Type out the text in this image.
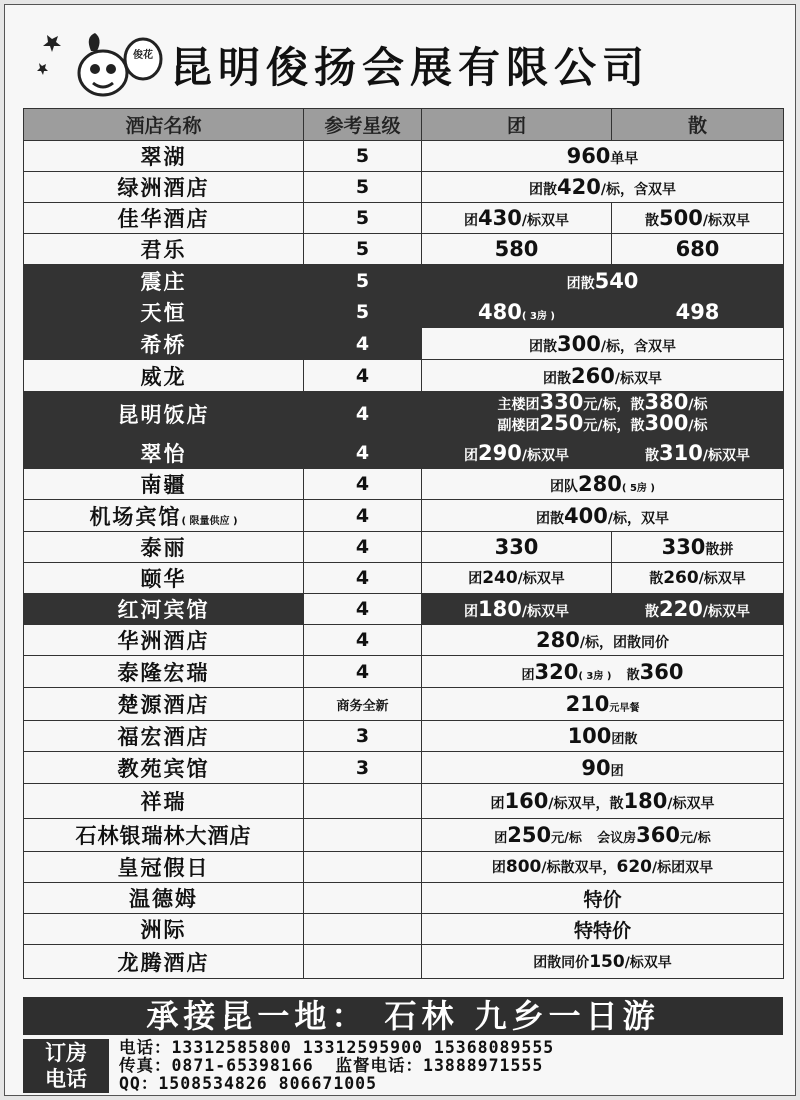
俊花 昆明俊扬会展有限公司
酒店名称	参考星级	团	散
翠湖	5	960单早	
绿洲酒店	5	团散420/标，含双早	
佳华酒店	5	团430/标双早	散500/标双早
君乐	5	580	680
震庄	5	团散540	
天恒	5	480( 3房 )	498
希桥	4	团散300/标，含双早	
威龙	4	团散260/标双早	
昆明饭店	4	主楼团330元/标，散380/标
副楼团250元/标，散300/标	

翠怡	4	团290/标双早	散310/标双早
南疆	4	团队280( 5房 )	
机场宾馆( 限量供应 )	4	团散400/标，双早	
泰丽	4	330	330散拼
颐华	4	团240/标双早	散260/标双早
红河宾馆	4	团180/标双早	散220/标双早
华洲酒店	4	280/标，团散同价	
泰隆宏瑞	4	团320( 3房 ) 散360	
楚源酒店	商务全新	210元早餐	
福宏酒店	3	100团散	
教苑宾馆	3	90团	
祥瑞		团160/标双早，散180/标双早	
石林银瑞林大酒店		团250元/标 会议房360元/标	
皇冠假日		团800/标散双早，620/标团双早	
温德姆		特价	
洲际		特特价	
龙腾酒店		团散同价150/标双早	
承接昆一地： 石林 九乡一日游
订房
电话
电话：13312585800 13312595900 15368089555
传真：0871-65398166 监督电话：13888971555
QQ：1508534826 806671005
